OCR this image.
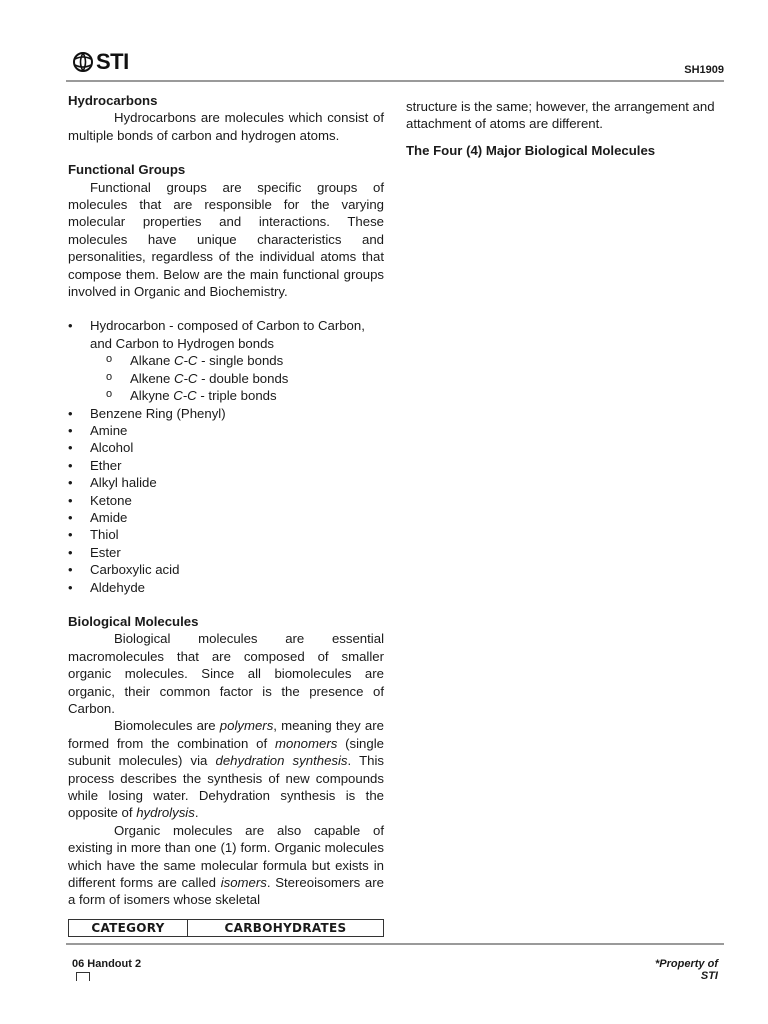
STI	SH1909
Hydrocarbons

Hydrocarbons are molecules which consist of multiple bonds of carbon and hydrogen atoms.

Functional Groups

Functional groups are specific groups of molecules that are responsible for the varying molecular properties and interactions. These molecules have unique characteristics and personalities, regardless of the individual atoms that compose them. Below are the main functional groups involved in Organic and Biochemistry.

• Hydrocarbon - composed of Carbon to Carbon, and Carbon to Hydrogen bonds
o Alkane C-C - single bonds
o Alkene C-C - double bonds
o Alkyne C-C - triple bonds
• Benzene Ring (Phenyl)
• Amine
• Alcohol
• Ether
• Alkyl halide
• Ketone
• Amide
• Thiol
• Ester
• Carboxylic acid
• Aldehyde
Biological Molecules

Biological molecules are essential macromolecules that are composed of smaller organic molecules. Since all biomolecules are organic, their common factor is the presence of Carbon.

Biomolecules are polymers, meaning they are formed from the combination of monomers (single subunit molecules) via dehydration synthesis. This process describes the synthesis of new compounds while losing water. Dehydration synthesis is the opposite of hydrolysis.

Organic molecules are also capable of existing in more than one (1) form. Organic molecules which have the same molecular formula but exists in different forms are called isomers. Stereoisomers are a form of isomers whose skeletal

CATEGORY	CARBOHYDRATES

structure is the same; however, the arrangement and attachment of atoms are different.

The Four (4) Major Biological Molecules
06 Handout 2	*Property of
STI
